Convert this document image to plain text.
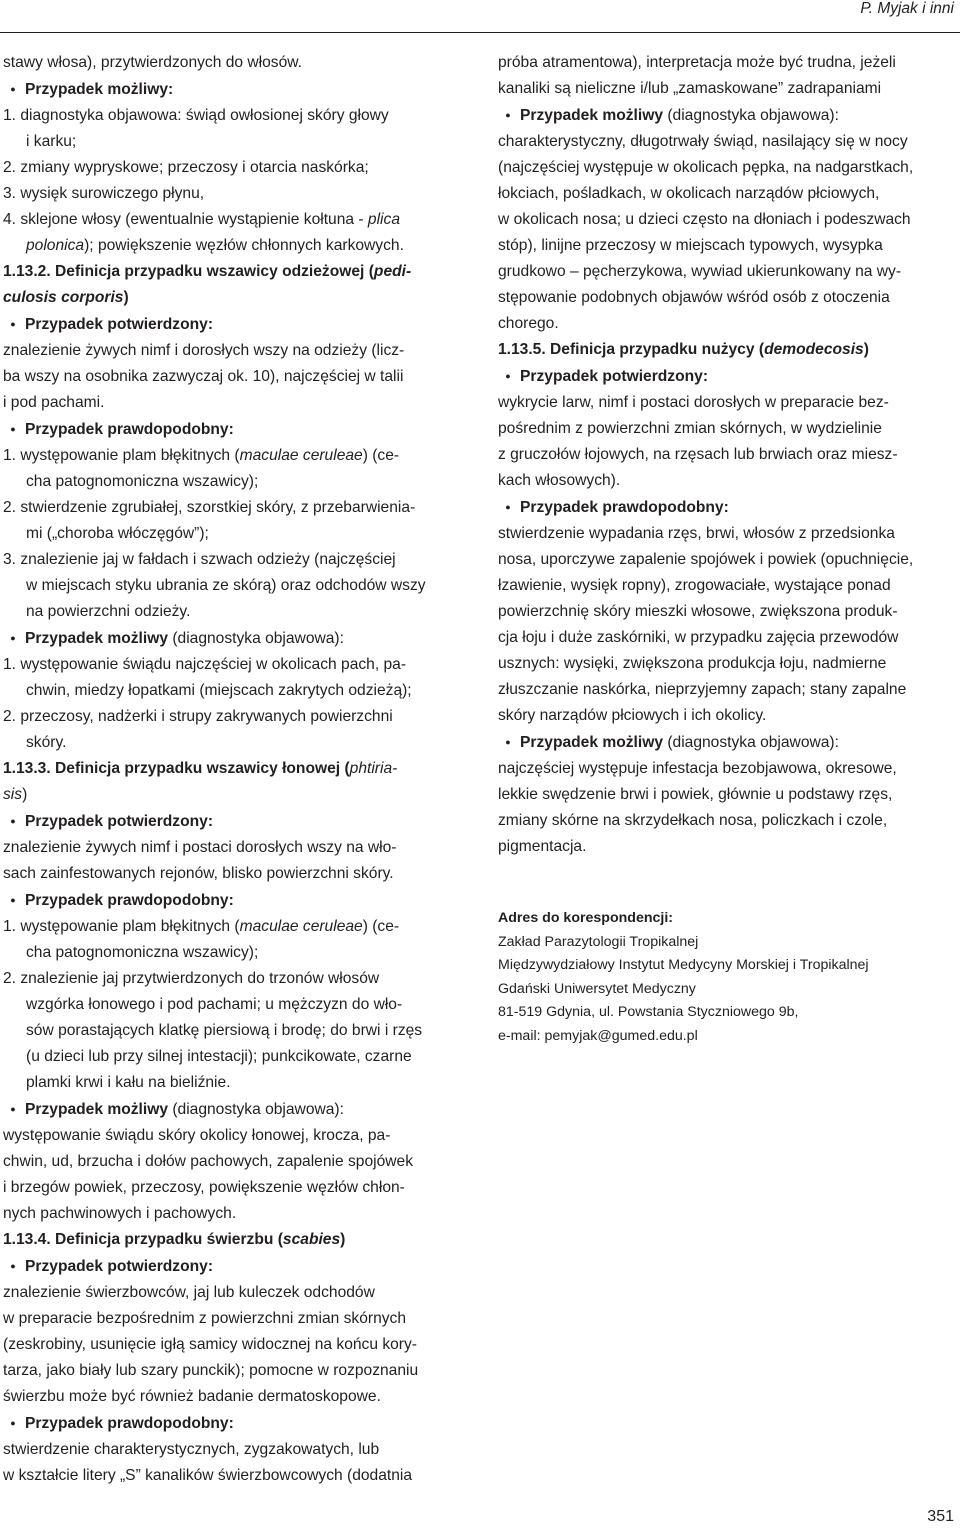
P. Myjak i inni
stawy włosa), przytwierdzonych do włosów.
● Przypadek możliwy:
1. diagnostyka objawowa: świąd owłosionej skóry głowy
i karku;
2. zmiany wypryskowe; przeczosy i otarcia naskórka;
3. wysięk surowiczego płynu,
4. sklejone włosy (ewentualnie wystąpienie kołtuna - plica
polonica); powiększenie węzłów chłonnych karkowych.
1.13.2. Definicja przypadku wszawicy odzieżowej (pedi-
culosis corporis)
● Przypadek potwierdzony:
znalezienie żywych nimf i dorosłych wszy na odzieży (licz-
ba wszy na osobnika zazwyczaj ok. 10), najczęściej w talii
i pod pachami.
● Przypadek prawdopodobny:
1. występowanie plam błękitnych (maculae ceruleae) (ce-
cha patognomoniczna wszawicy);
2. stwierdzenie zgrubiałej, szorstkiej skóry, z przebarwienia-
mi („choroba włóczęgów”);
3. znalezienie jaj w fałdach i szwach odzieży (najczęściej
w miejscach styku ubrania ze skórą) oraz odchodów wszy
na powierzchni odzieży.
● Przypadek możliwy (diagnostyka objawowa):
1. występowanie świądu najczęściej w okolicach pach, pa-
chwin, miedzy łopatkami (miejscach zakrytych odzieżą);
2. przeczosy, nadżerki i strupy zakrywanych powierzchni
skóry.
1.13.3. Definicja przypadku wszawicy łonowej (phtiria-
sis)
● Przypadek potwierdzony:
znalezienie żywych nimf i postaci dorosłych wszy na wło-
sach zainfestowanych rejonów, blisko powierzchni skóry.
● Przypadek prawdopodobny:
1. występowanie plam błękitnych (maculae ceruleae) (ce-
cha patognomoniczna wszawicy);
2. znalezienie jaj przytwierdzonych do trzonów włosów
wzgórka łonowego i pod pachami; u mężczyzn do wło-
sów porastających klatkę piersiową i brodę; do brwi i rzęs
(u dzieci lub przy silnej intestacji); punkcikowate, czarne
plamki krwi i kału na bieliźnie.
● Przypadek możliwy (diagnostyka objawowa):
występowanie świądu skóry okolicy łonowej, krocza, pa-
chwin, ud, brzucha i dołów pachowych, zapalenie spojówek
i brzegów powiek, przeczosy, powiększenie węzłów chłon-
nych pachwinowych i pachowych.
1.13.4. Definicja przypadku świerzbu (scabies)
● Przypadek potwierdzony:
znalezienie świerzbowców, jaj lub kuleczek odchodów
w preparacie bezpośrednim z powierzchni zmian skórnych
(zeskrobiny, usunięcie igłą samicy widocznej na końcu kory-
tarza, jako biały lub szary punckik); pomocne w rozpoznaniu
świerzbu może być również badanie dermatoskopowe.
● Przypadek prawdopodobny:
stwierdzenie charakterystycznych, zygzakowatych, lub
w kształcie litery „S” kanalików świerzbowcowych (dodatnia
próba atramentowa), interpretacja może być trudna, jeżeli
kanaliki są nieliczne i/lub „zamaskowane” zadrapaniami
● Przypadek możliwy (diagnostyka objawowa):
charakterystyczny, długotrwały świąd, nasilający się w nocy
(najczęściej występuje w okolicach pępka, na nadgarstkach,
łokciach, pośladkach, w okolicach narządów płciowych,
w okolicach nosa; u dzieci często na dłoniach i podeszwach
stóp), linijne przeczosy w miejscach typowych, wysypka
grudkowo – pęcherzykowa, wywiad ukierunkowany na wy-
stępowanie podobnych objawów wśród osób z otoczenia
chorego.
1.13.5. Definicja przypadku nużycy (demodecosis)
● Przypadek potwierdzony:
wykrycie larw, nimf i postaci dorosłych w preparacie bez-
pośrednim z powierzchni zmian skórnych, w wydzielinie
z gruczołów łojowych, na rzęsach lub brwiach oraz miesz-
kach włosowych).
● Przypadek prawdopodobny:
stwierdzenie wypadania rzęs, brwi, włosów z przedsionka
nosa, uporczywe zapalenie spojówek i powiek (opuchnięcie,
łzawienie, wysięk ropny), zrogowaciałe, wystające ponad
powierzchnię skóry mieszki włosowe, zwiększona produk-
cja łoju i duże zaskórniki, w przypadku zajęcia przewodów
usznych: wysięki, zwiększona produkcja łoju, nadmierne
złuszczanie naskórka, nieprzyjemny zapach; stany zapalne
skóry narządów płciowych i ich okolicy.
● Przypadek możliwy (diagnostyka objawowa):
najczęściej występuje infestacja bezobjawowa, okresowe,
lekkie swędzenie brwi i powiek, głównie u podstawy rzęs,
zmiany skórne na skrzydełkach nosa, policzkach i czole,
pigmentacja.
Adres do korespondencji:
Zakład Parazytologii Tropikalnej
Międzywydziałowy Instytut Medycyny Morskiej i Tropikalnej
Gdański Uniwersytet Medyczny
81-519 Gdynia, ul. Powstania Styczniowego 9b,
e-mail: pemyjak@gumed.edu.pl
351
